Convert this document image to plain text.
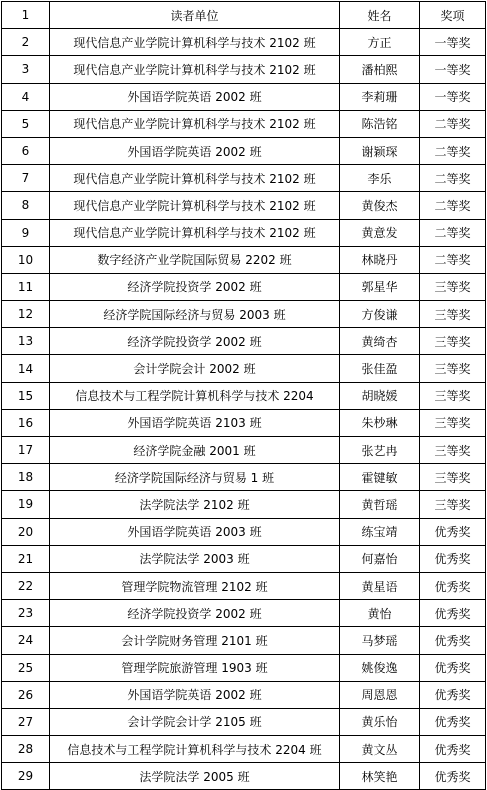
1	读者单位	姓名	奖项
2	现代信息产业学院计算机科学与技术 2102 班	方正	一等奖
3	现代信息产业学院计算机科学与技术 2102 班	潘柏熙	一等奖
4	外国语学院英语 2002 班	李莉珊	一等奖
5	现代信息产业学院计算机科学与技术 2102 班	陈浩铭	二等奖
6	外国语学院英语 2002 班	谢颖琛	二等奖
7	现代信息产业学院计算机科学与技术 2102 班	李乐	二等奖
8	现代信息产业学院计算机科学与技术 2102 班	黄俊杰	二等奖
9	现代信息产业学院计算机科学与技术 2102 班	黄意发	二等奖
10	数字经济产业学院国际贸易 2202 班	林晓丹	二等奖
11	经济学院投资学 2002 班	郭星华	三等奖
12	经济学院国际经济与贸易 2003 班	方俊谦	三等奖
13	经济学院投资学 2002 班	黄绮杏	三等奖
14	会计学院会计 2002 班	张佳盈	三等奖
15	信息技术与工程学院计算机科学与技术 2204	胡晓媛	三等奖
16	外国语学院英语 2103 班	朱杪琳	三等奖
17	经济学院金融 2001 班	张艺冉	三等奖
18	经济学院国际经济与贸易 1 班	霍键敏	三等奖
19	法学院法学 2102 班	黄哲瑶	三等奖
20	外国语学院英语 2003 班	练宝靖	优秀奖
21	法学院法学 2003 班	何嘉怡	优秀奖
22	管理学院物流管理 2102 班	黄星语	优秀奖
23	经济学院投资学 2002 班	黄怡	优秀奖
24	会计学院财务管理 2101 班	马梦瑶	优秀奖
25	管理学院旅游管理 1903 班	姚俊逸	优秀奖
26	外国语学院英语 2002 班	周恩恩	优秀奖
27	会计学院会计学 2105 班	黄乐怡	优秀奖
28	信息技术与工程学院计算机科学与技术 2204 班	黄文丛	优秀奖
29	法学院法学 2005 班	林笑艳	优秀奖
